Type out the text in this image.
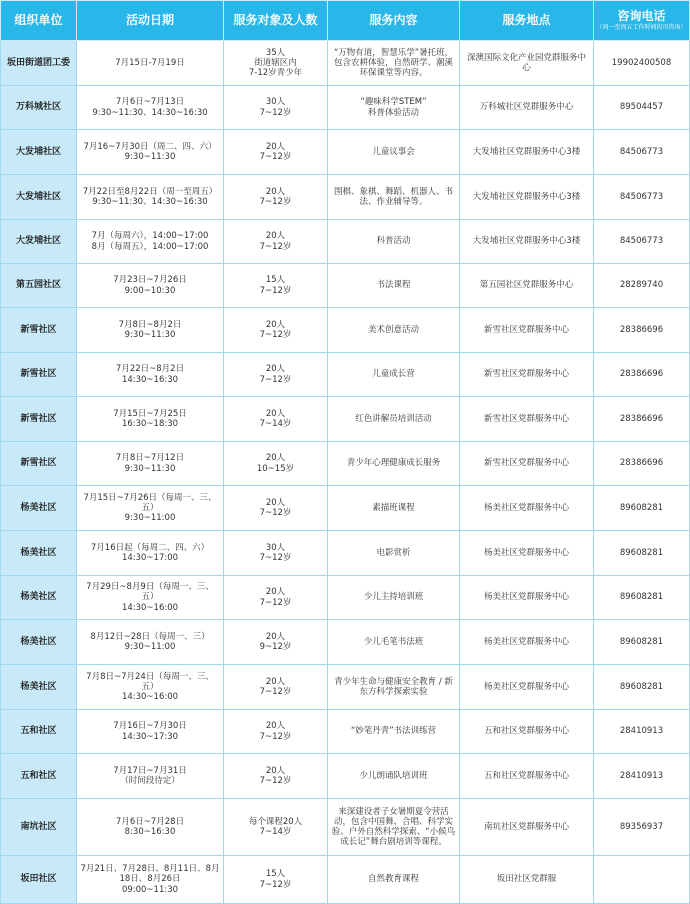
组织单位	活动日期	服务对象及人数	服务内容	服务地点	咨询电话
（周一至周五工作时间段可咨询）

坂田街道团工委	7月15日-7月19日	35人
街道辖区内
7-12岁青少年	“万物有道，智慧乐学”暑托班，包含农耕体验，自然研学、潮溪环保课堂等内容。	深澳国际文化产业园党群服务中心	19902400508

万科城社区	7月6日~7月13日
9:30~11:30、14:30~16:30	30人
7~12岁	“趣味科学STEM”
科普体验活动	万科城社区党群服务中心	89504457

大发埔社区	7月16~7月30日（周二、四、六）
9:30~11:30	20人
7~12岁	儿童议事会	大发埔社区党群服务中心3楼	84506773

大发埔社区	7月22日至8月22日（周一至周五）
9:30~11:30、14:30~16:30	20人
7~12岁	围棋、象棋、舞蹈、机器人、书法、作业辅导等。	大发埔社区党群服务中心3楼	84506773

大发埔社区	7月（每周六），14:00~17:00
8月（每周五），14:00~17:00	20人
7~12岁	科普活动	大发埔社区党群服务中心3楼	84506773

第五园社区	7月23日~7月26日
9:00~10:30	15人
7~12岁	书法课程	第五园社区党群服务中心	28289740

新雪社区	7月8日~8月2日
9:30~11:30	20人
7~12岁	美术创意活动	新雪社区党群服务中心	28386696

新雪社区	7月22日~8月2日
14:30~16:30	20人
7~12岁	儿童成长营	新雪社区党群服务中心	28386696

新雪社区	7月15日~7月25日
16:30~18:30	20人
7~14岁	红色讲解员培训活动	新雪社区党群服务中心	28386696

新雪社区	7月8日~7月12日
9:30~11:30	20人
10~15岁	青少年心理健康成长服务	新雪社区党群服务中心	28386696

杨美社区	7月15日~7月26日（每周一、三、五）
9:30~11:00	20人
7~12岁	素描班课程	杨美社区党群服务中心	89608281

杨美社区	7月16日起（每周二、四、六）
14:30~17:00	30人
7~12岁	电影赏析	杨美社区党群服务中心	89608281

杨美社区	7月29日~8月9日（每周一、三、五）
14:30~16:00	20人
7~12岁	少儿主持培训班	杨美社区党群服务中心	89608281

杨美社区	8月12日~28日（每周一、三）
9:30~11:00	20人
9~12岁	少儿毛笔书法班	杨美社区党群服务中心	89608281

杨美社区	7月8日~7月24日（每周一、三、五）
14:30~16:00	20人
7~12岁	青少年生命与健康安全教育 / 新东方科学探索实验	杨美社区党群服务中心	89608281

五和社区	7月16日~7月30日
14:30~17:30	20人
7~12岁	“妙笔丹青”书法训练营	五和社区党群服务中心	28410913

五和社区	7月17日~7月31日
（时间段待定）	20人
7~12岁	少儿朗诵队培训班	五和社区党群服务中心	28410913

南坑社区	7月6日~7月28日
8:30~16:30	每个课程20人
7~14岁	来深建设者子女暑期夏令营活动，包含中国舞、合唱、科学实验、户外自然科学探索、“小候鸟成长记”舞台剧培训等课程。	南坑社区党群服务中心	89356937

坂田社区	7月21日、7月28日、8月11日、8月18日、8月26日
09:00~11:30	15人
7~12岁	自然教育课程	坂田社区党群服	
